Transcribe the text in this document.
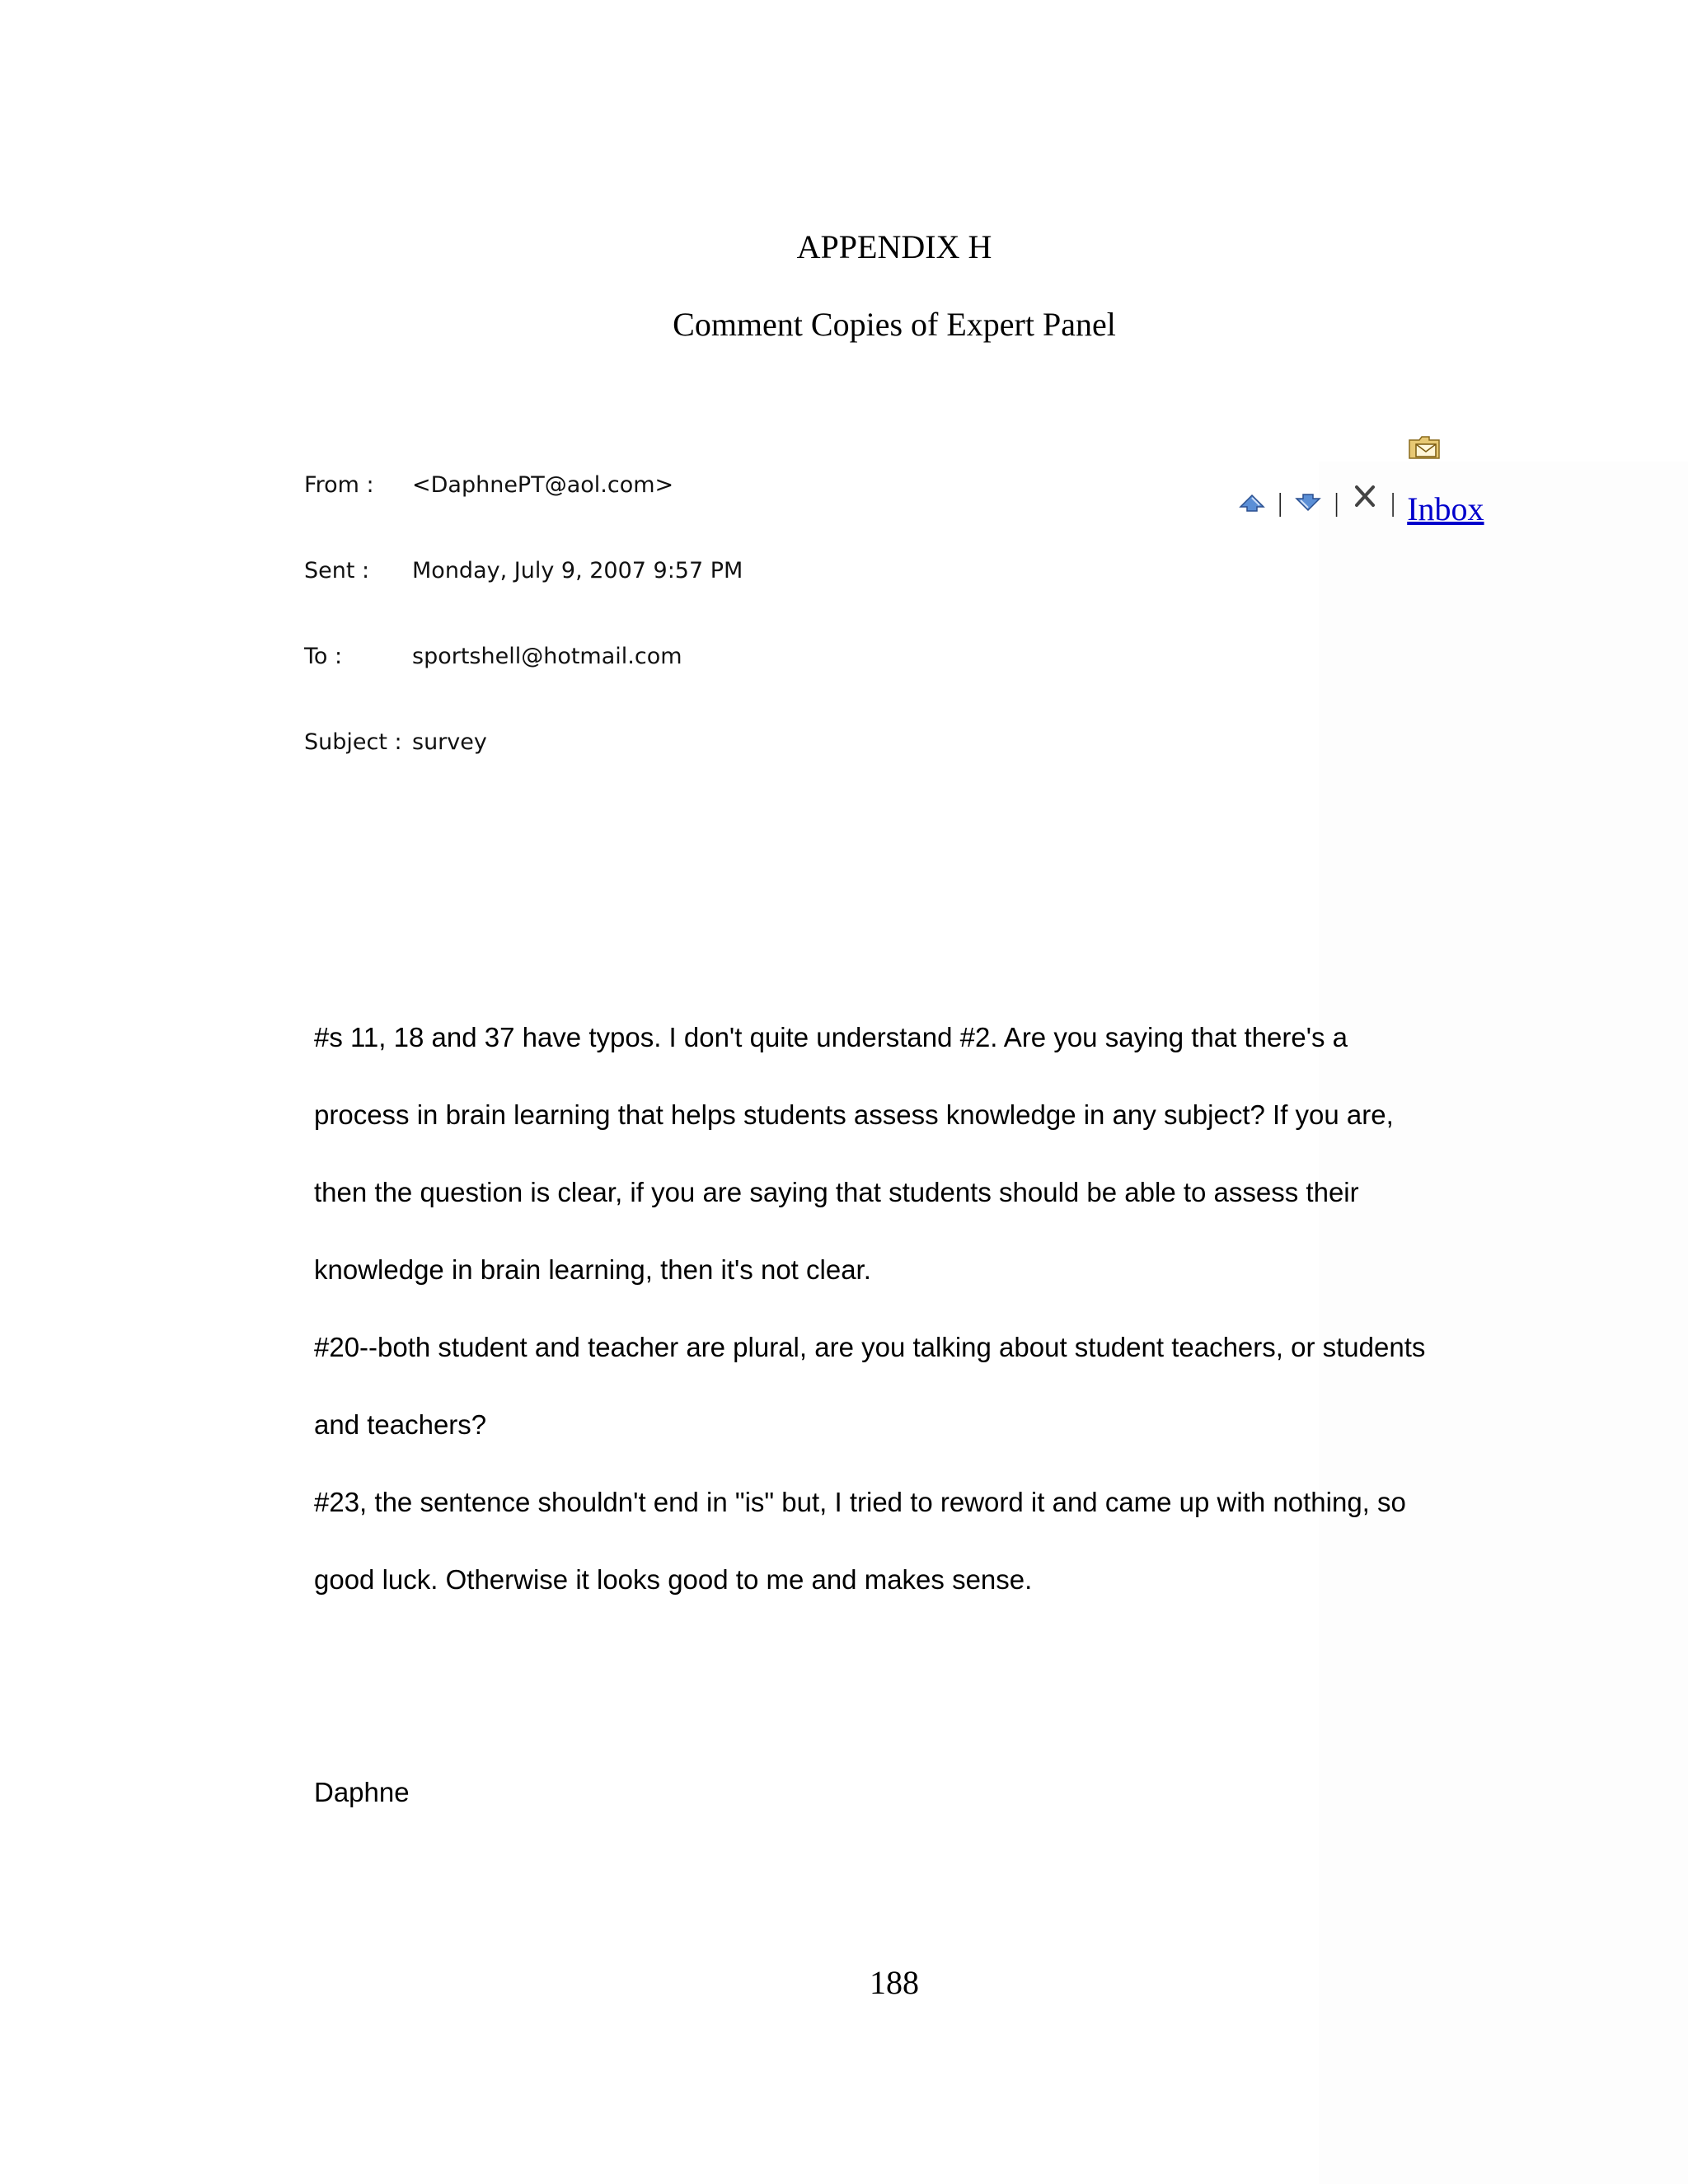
APPENDIX H
Comment Copies of Expert Panel
From :	<DaphnePT@aol.com>
Sent :	Monday, July 9, 2007 9:57 PM
To :	sportshell@hotmail.com
Subject : survey
| | | Inbox
#s 11, 18 and 37 have typos. I don't quite understand #2. Are you saying that there's a
process in brain learning that helps students assess knowledge in any subject? If you are,
then the question is clear, if you are saying that students should be able to assess their
knowledge in brain learning, then it's not clear.
#20--both student and teacher are plural, are you talking about student teachers, or students
and teachers?
#23, the sentence shouldn't end in "is" but, I tried to reword it and came up with nothing, so
good luck. Otherwise it looks good to me and makes sense.
Daphne
188
